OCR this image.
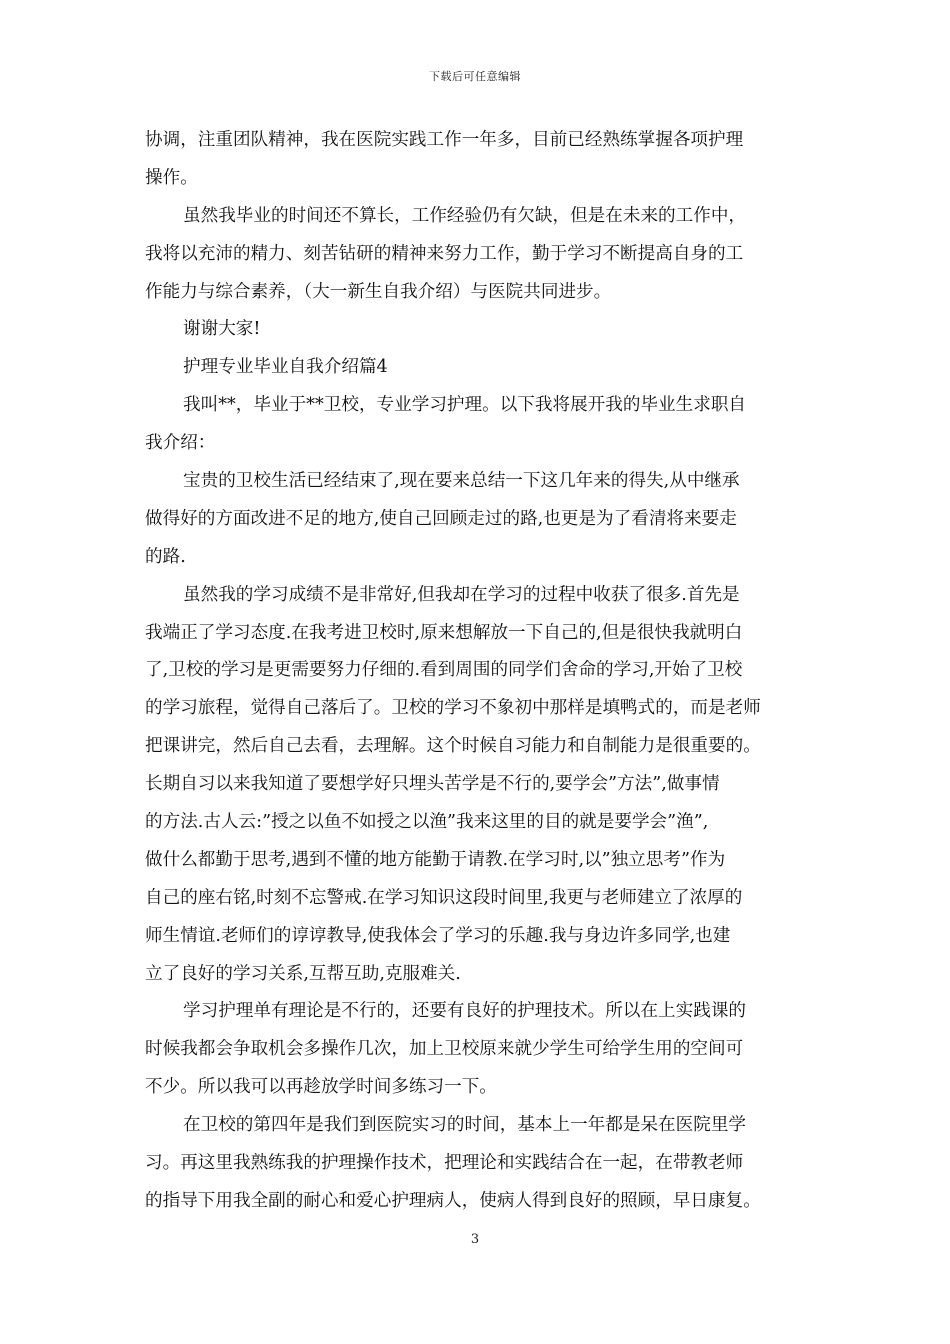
下载后可任意编辑
协调，注重团队精神，我在医院实践工作一年多，目前已经熟练掌握各项护理
操作。
虽然我毕业的时间还不算长，工作经验仍有欠缺，但是在未来的工作中，
我将以充沛的精力、刻苦钻研的精神来努力工作，勤于学习不断提高自身的工
作能力与综合素养，（大一新生自我介绍）与医院共同进步。
谢谢大家!
护理专业毕业自我介绍篇4
我叫**，毕业于**卫校，专业学习护理。以下我将展开我的毕业生求职自
我介绍：
宝贵的卫校生活已经结束了,现在要来总结一下这几年来的得失,从中继承
做得好的方面改进不足的地方,使自己回顾走过的路,也更是为了看清将来要走
的路.
虽然我的学习成绩不是非常好,但我却在学习的过程中收获了很多.首先是
我端正了学习态度.在我考进卫校时,原来想解放一下自己的,但是很快我就明白
了,卫校的学习是更需要努力仔细的.看到周围的同学们舍命的学习,开始了卫校
的学习旅程，觉得自己落后了。卫校的学习不象初中那样是填鸭式的，而是老师
把课讲完，然后自己去看，去理解。这个时候自习能力和自制能力是很重要的。
长期自习以来我知道了要想学好只埋头苦学是不行的,要学会”方法”,做事情
的方法.古人云:”授之以鱼不如授之以渔”我来这里的目的就是要学会”渔”,
做什么都勤于思考,遇到不懂的地方能勤于请教.在学习时,以”独立思考”作为
自己的座右铭,时刻不忘警戒.在学习知识这段时间里,我更与老师建立了浓厚的
师生情谊.老师们的谆谆教导,使我体会了学习的乐趣.我与身边许多同学,也建
立了良好的学习关系,互帮互助,克服难关.
学习护理单有理论是不行的，还要有良好的护理技术。所以在上实践课的
时候我都会争取机会多操作几次，加上卫校原来就少学生可给学生用的空间可
不少。所以我可以再趁放学时间多练习一下。
在卫校的第四年是我们到医院实习的时间，基本上一年都是呆在医院里学
习。再这里我熟练我的护理操作技术，把理论和实践结合在一起，在带教老师
的指导下用我全副的耐心和爱心护理病人，使病人得到良好的照顾，早日康复。
3
